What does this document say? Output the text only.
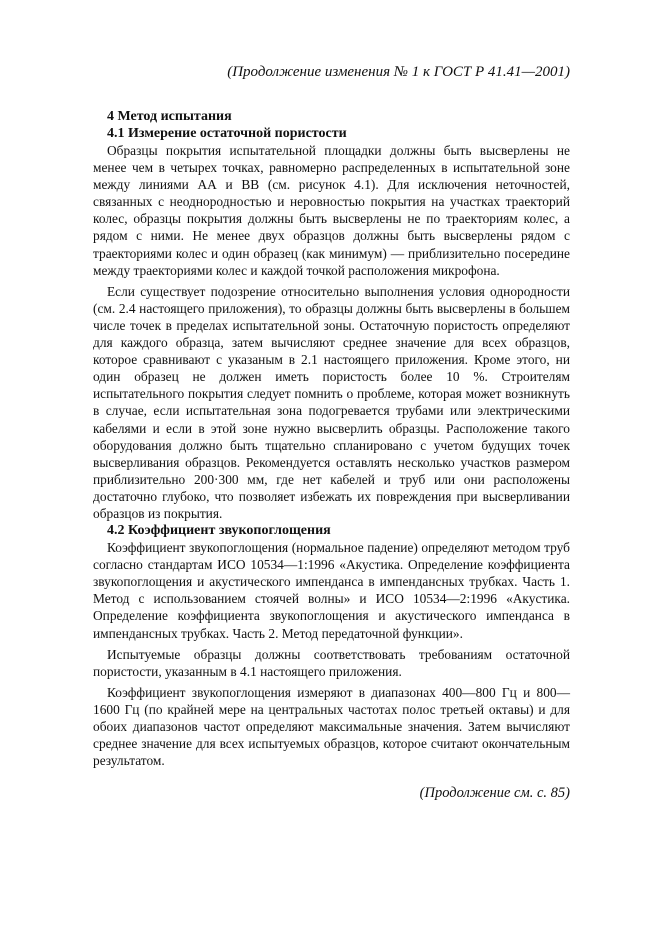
(Продолжение изменения № 1 к ГОСТ Р 41.41—2001)
4 Метод испытания
4.1 Измерение остаточной пористости

Образцы покрытия испытательной площадки должны быть высверлены не менее чем в четырех точках, равномерно распределенных в испытательной зоне между линиями АА и ВВ (см. рисунок 4.1). Для исключения неточностей, связанных с неоднородностью и неровностью покрытия на участках траекторий колес, образцы покрытия должны быть высверлены не по траекториям колес, а рядом с ними. Не менее двух образцов должны быть высверлены рядом с траекториями колес и один образец (как минимум) — приблизительно посередине между траекториями колес и каждой точкой расположения микрофона.

Если существует подозрение относительно выполнения условия однородности (см. 2.4 настоящего приложения), то образцы должны быть высверлены в большем числе точек в пределах испытательной зоны. Остаточную пористость определяют для каждого образца, затем вычисляют среднее значение для всех образцов, которое сравнивают с указаным в 2.1 настоящего приложения. Кроме этого, ни один образец не должен иметь пористость более 10 %. Строителям испытательного покрытия следует помнить о проблеме, которая может возникнуть в случае, если испытательная зона подогревается трубами или электрическими кабелями и если в этой зоне нужно высверлить образцы. Расположение такого оборудования должно быть тщательно спланировано с учетом будущих точек высверливания образцов. Рекомендуется оставлять несколько участков размером приблизительно 200·300 мм, где нет кабелей и труб или они расположены достаточно глубоко, что позволяет избежать их повреждения при высверливании образцов из покрытия.

4.2 Коэффициент звукопоглощения

Коэффициент звукопоглощения (нормальное падение) определяют методом труб согласно стандартам ИСО 10534—1:1996 «Акустика. Определение коэффициента звукопоглощения и акустического импенданса в импендансных трубках. Часть 1. Метод с использованием стоячей волны» и ИСО 10534—2:1996 «Акустика. Определение коэффициента звукопоглощения и акустического импенданса в импендансных трубках. Часть 2. Метод передаточной функции».

Испытуемые образцы должны соответствовать требованиям остаточной пористости, указанным в 4.1 настоящего приложения.

Коэффициент звукопоглощения измеряют в диапазонах 400—800 Гц и 800—1600 Гц (по крайней мере на центральных частотах полос третьей октавы) и для обоих диапазонов частот определяют максимальные значения. Затем вычисляют среднее значение для всех испытуемых образцов, которое считают окончательным результатом.

(Продолжение см. с. 85)
